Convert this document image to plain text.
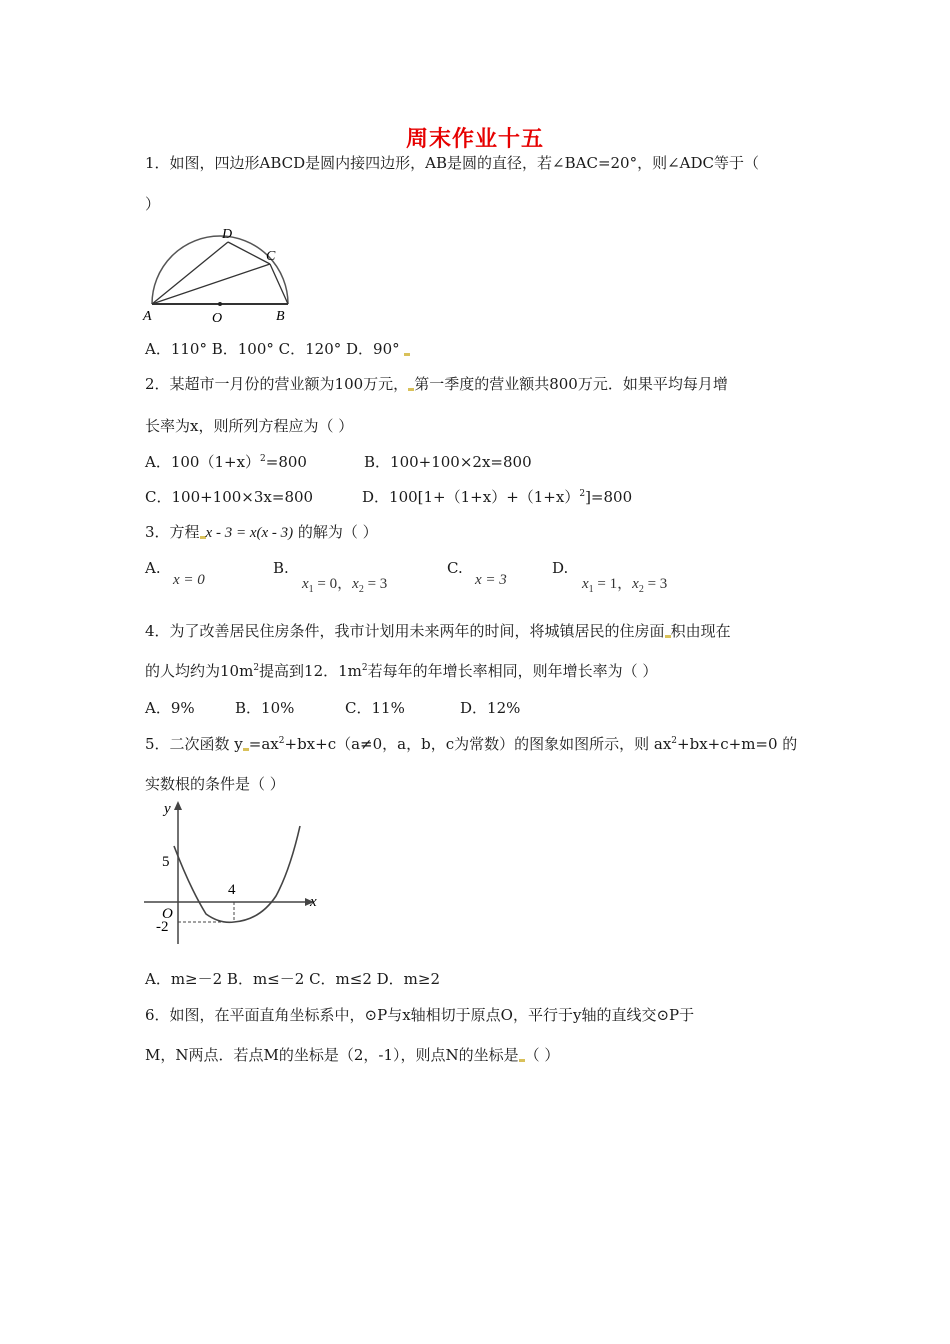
周末作业十五
1．如图，四边形ABCD是圆内接四边形，AB是圆的直径，若∠BAC=20°，则∠ADC等于（
）
A	O	B
D
C
A．110° B．100° C．120° D．90°
2．某超市一月份的营业额为100万元， 第一季度的营业额共800万元．如果平均每月增
长率为x，则所列方程应为（ ）
A．$100(1+x)^2=800$	B．100+100×2x=800
C．100+100×3x=800	D．$100[1+(1+x)+(1+x)^2]=800$
3．方程 x - 3 = x(x - 3) 的解为（ ）
A.
x = 0
B.
$x_1 = 0$，$x_2 = 3$
C.
x = 3
D.
$x_1 = 1$，$x_2 = 3$
4．为了改善居民住房条件，我市计划用未来两年的时间，将城镇居民的住房面 积由现在
的人均约为$10m^2$提高到12．$1m^2$若每年的年增长率相同，则年增长率为（ ）
A．9%	B．10%	C．11%	D．12%
5．二次函数 $y =ax^2+bx+c(a\ne 0$，a，b，c为常数）的图象如图所示，则 $ax^2+bx+c+m=0$ 的
实数根的条件是（ ）
y
x
5
4
O
-2
A．m≥－2 B．m≤－2 C．m≤2 D．m≥2
6．如图，在平面直角坐标系中，⊙P与x轴相切于原点O，平行于y轴的直线交⊙P于
M，N两点．若点M的坐标是（2，-1），则点N的坐标是 （ ）
